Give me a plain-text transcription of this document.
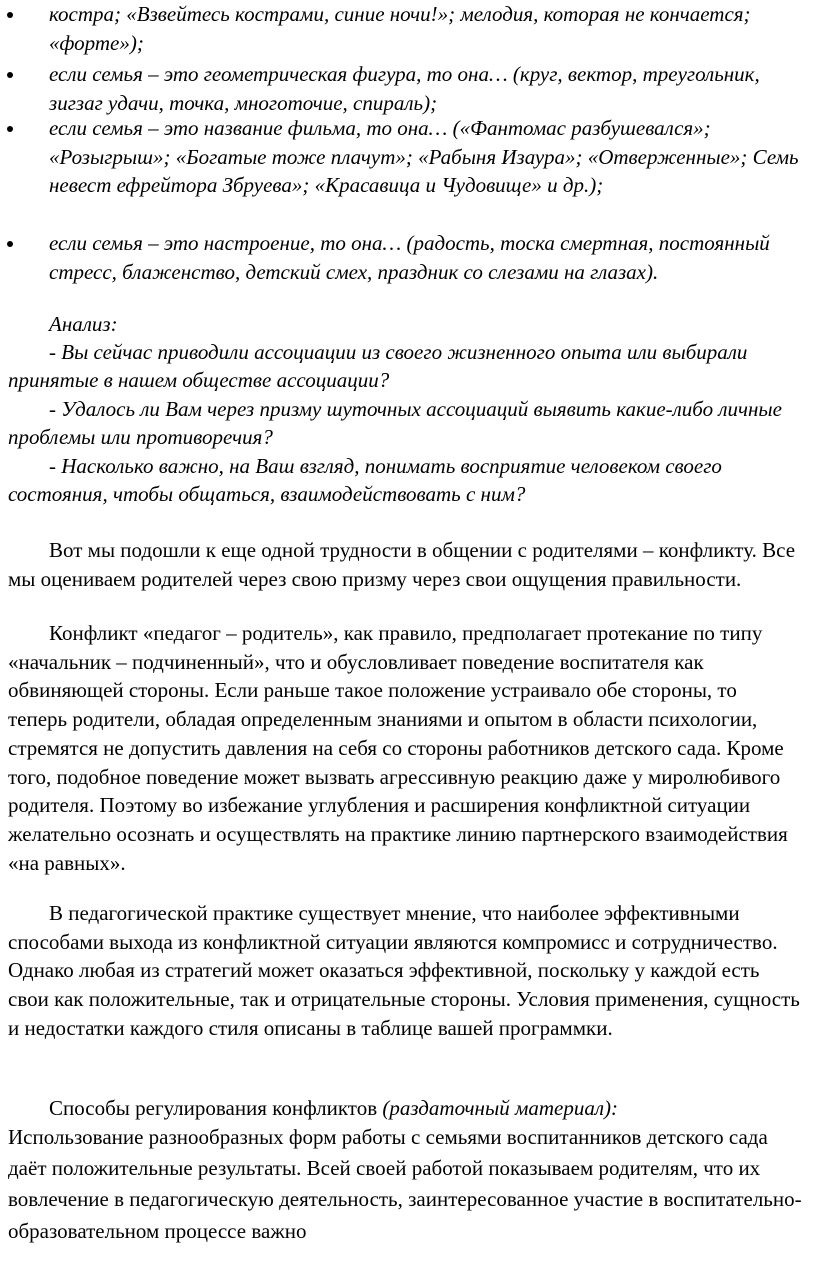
костра; «Взвейтесь кострами, синие ночи!»; мелодия, которая не кончается; «форте»);
если семья – это геометрическая фигура, то она… (круг, вектор, треугольник, зигзаг удачи, точка, многоточие, спираль);
если семья – это название фильма, то она… («Фантомас разбушевался»; «Розыгрыш»; «Богатые тоже плачут»; «Рабыня Изаура»; «Отверженные»; Семь невест ефрейтора Збруева»; «Красавица и Чудовище» и др.);
если семья – это настроение, то она… (радость, тоска смертная, постоянный стресс, блаженство, детский смех, праздник со слезами на глазах).
Анализ:
- Вы сейчас приводили ассоциации из своего жизненного опыта или выбирали принятые в нашем обществе ассоциации?
- Удалось ли Вам через призму шуточных ассоциаций выявить какие-либо личные проблемы или противоречия?
- Насколько важно, на Ваш взгляд, понимать восприятие человеком своего состояния, чтобы общаться, взаимодействовать с ним?
Вот мы подошли к еще одной трудности в общении с родителями – конфликту. Все мы оцениваем родителей через свою призму через свои ощущения правильности.
Конфликт «педагог – родитель», как правило, предполагает протекание по типу «начальник – подчиненный», что и обусловливает поведение воспитателя как обвиняющей стороны. Если раньше такое положение устраивало обе стороны, то теперь родители, обладая определенным знаниями и опытом в области психологии, стремятся не допустить давления на себя со стороны работников детского сада. Кроме того, подобное поведение может вызвать агрессивную реакцию даже у миролюбивого родителя. Поэтому во избежание углубления и расширения конфликтной ситуации желательно осознать и осуществлять на практике линию партнерского взаимодействия «на равных».
В педагогической практике существует мнение, что наиболее эффективными способами выхода из конфликтной ситуации являются компромисс и сотрудничество. Однако любая из стратегий может оказаться эффективной, поскольку у каждой есть свои как положительные, так и отрицательные стороны. Условия применения, сущность и недостатки каждого стиля описаны в таблице вашей программки.
Способы регулирования конфликтов (раздаточный материал):
Использование разнообразных форм работы с семьями воспитанников детского сада даёт положительные результаты. Всей своей работой показываем родителям, что их вовлечение в педагогическую деятельность, заинтересованное участие в воспитательно-образовательном процессе важно
